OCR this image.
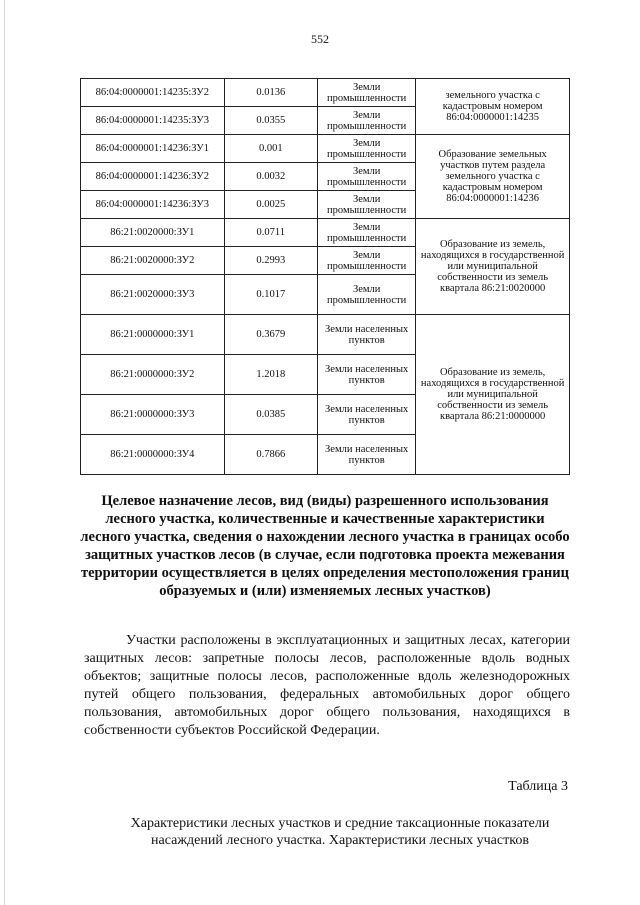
552
86:04:0000001:14235:ЗУ2	0.0136	Земли промышленности	земельного участка с кадастровым номером 86:04:0000001:14235
86:04:0000001:14235:ЗУ3	0.0355	Земли промышленности	
86:04:0000001:14236:ЗУ1	0.001	Земли промышленности	Образование земельных участков путем раздела земельного участка с кадастровым номером 86:04:0000001:14236
86:04:0000001:14236:ЗУ2	0.0032	Земли промышленности	
86:04:0000001:14236:ЗУ3	0.0025	Земли промышленности	
86:21:0020000:ЗУ1	0.0711	Земли промышленности	Образование из земель, находящихся в государственной или муниципальной собственности из земель квартала 86:21:0020000
86:21:0020000:ЗУ2	0.2993	Земли промышленности	
86:21:0020000:ЗУ3	0.1017	Земли промышленности	
86:21:0000000:ЗУ1	0.3679	Земли населенных пунктов	Образование из земель, находящихся в государственной или муниципальной собственности из земель квартала 86:21:0000000
86:21:0000000:ЗУ2	1.2018	Земли населенных пунктов	
86:21:0000000:ЗУ3	0.0385	Земли населенных пунктов	
86:21:0000000:ЗУ4	0.7866	Земли населенных пунктов	
Целевое назначение лесов, вид (виды) разрешенного использования лесного участка, количественные и качественные характеристики лесного участка, сведения о нахождении лесного участка в границах особо защитных участков лесов (в случае, если подготовка проекта межевания территории осуществляется в целях определения местоположения границ образуемых и (или) изменяемых лесных участков)
Участки расположены в эксплуатационных и защитных лесах, категории защитных лесов: запретные полосы лесов, расположенные вдоль водных объектов; защитные полосы лесов, расположенные вдоль железнодорожных путей общего пользования, федеральных автомобильных дорог общего пользования, автомобильных дорог общего пользования, находящихся в собственности субъектов Российской Федерации.
Таблица 3
Характеристики лесных участков и средние таксационные показатели насаждений лесного участка. Характеристики лесных участков
